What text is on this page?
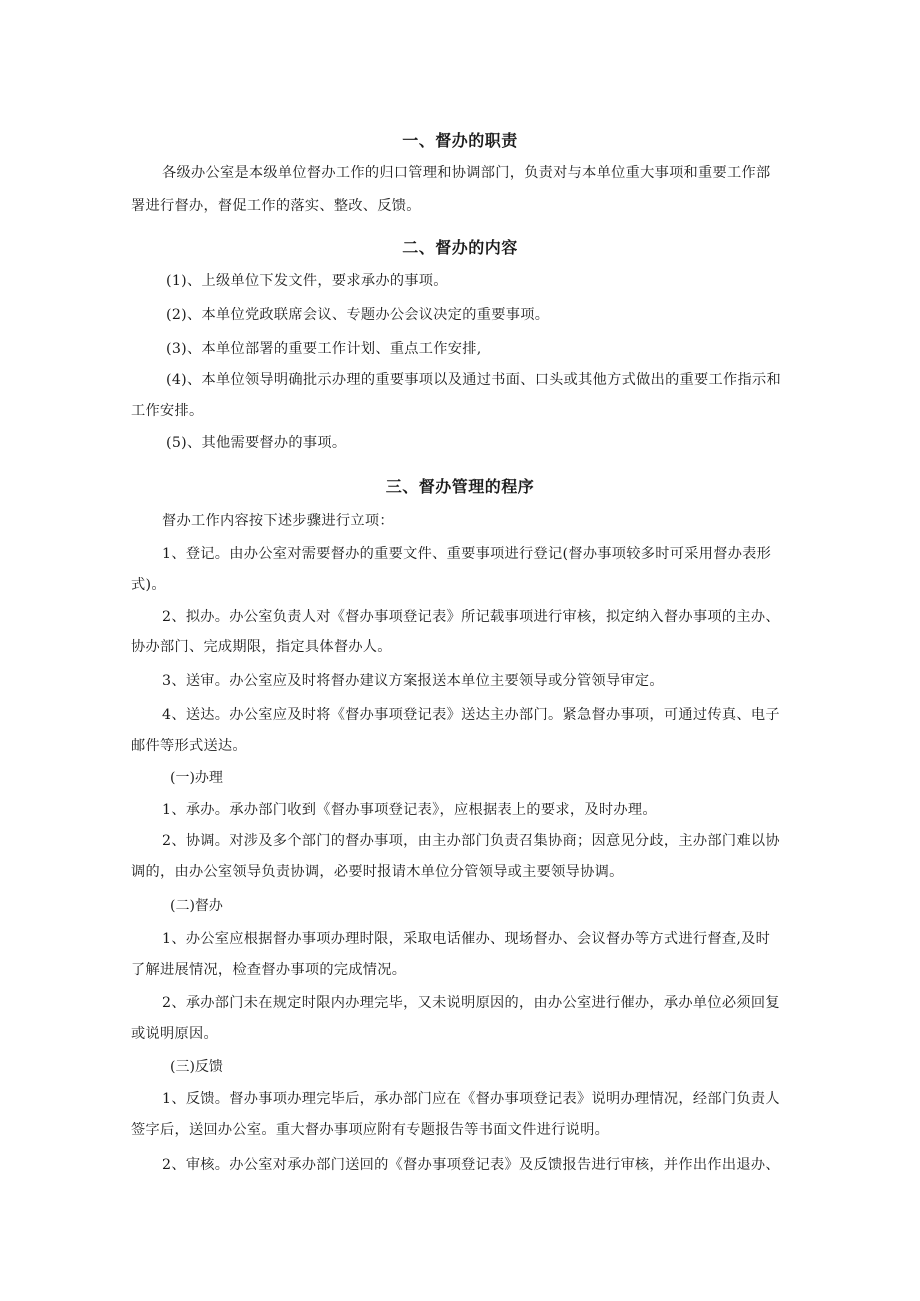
一、督办的职责
各级办公室是本级单位督办工作的归口管理和协调部门，负责对与本单位重大事项和重要工作部
署进行督办，督促工作的落实、整改、反馈。
二、督办的内容
(1)、上级单位下发文件，要求承办的事项。
(2)、本单位党政联席会议、专题办公会议决定的重要事项。
(3)、本单位部署的重要工作计划、重点工作安排,
(4)、本单位领导明确批示办理的重要事项以及通过书面、口头或其他方式做出的重要工作指示和
工作安排。
(5)、其他需要督办的事项。
三、督办管理的程序
督办工作内容按下述步骤进行立项：
1、登记。由办公室对需要督办的重要文件、重要事项进行登记(督办事项较多时可采用督办表形
式)。
2、拟办。办公室负责人对《督办事项登记表》所记载事项进行审核，拟定纳入督办事项的主办、
协办部门、完成期限，指定具体督办人。
3、送审。办公室应及时将督办建议方案报送本单位主要领导或分管领导审定。
4、送达。办公室应及时将《督办事项登记表》送达主办部门。紧急督办事项，可通过传真、电子
邮件等形式送达。
(一)办理
1、承办。承办部门收到《督办事项登记表》，应根据表上的要求，及时办理。
2、协调。对涉及多个部门的督办事项，由主办部门负责召集协商；因意见分歧，主办部门难以协
调的，由办公室领导负责协调，必要时报请木单位分管领导或主要领导协调。
(二)督办
1、办公室应根据督办事项办理时限，采取电话催办、现场督办、会议督办等方式进行督查,及时
了解进展情况，检查督办事项的完成情况。
2、承办部门未在规定时限内办理完毕，又未说明原因的，由办公室进行催办，承办单位必须回复
或说明原因。
(三)反馈
1、反馈。督办事项办理完毕后，承办部门应在《督办事项登记表》说明办理情况，经部门负责人
签字后，送回办公室。重大督办事项应附有专题报告等书面文件进行说明。
2、审核。办公室对承办部门送回的《督办事项登记表》及反馈报告进行审核，并作出作出退办、
